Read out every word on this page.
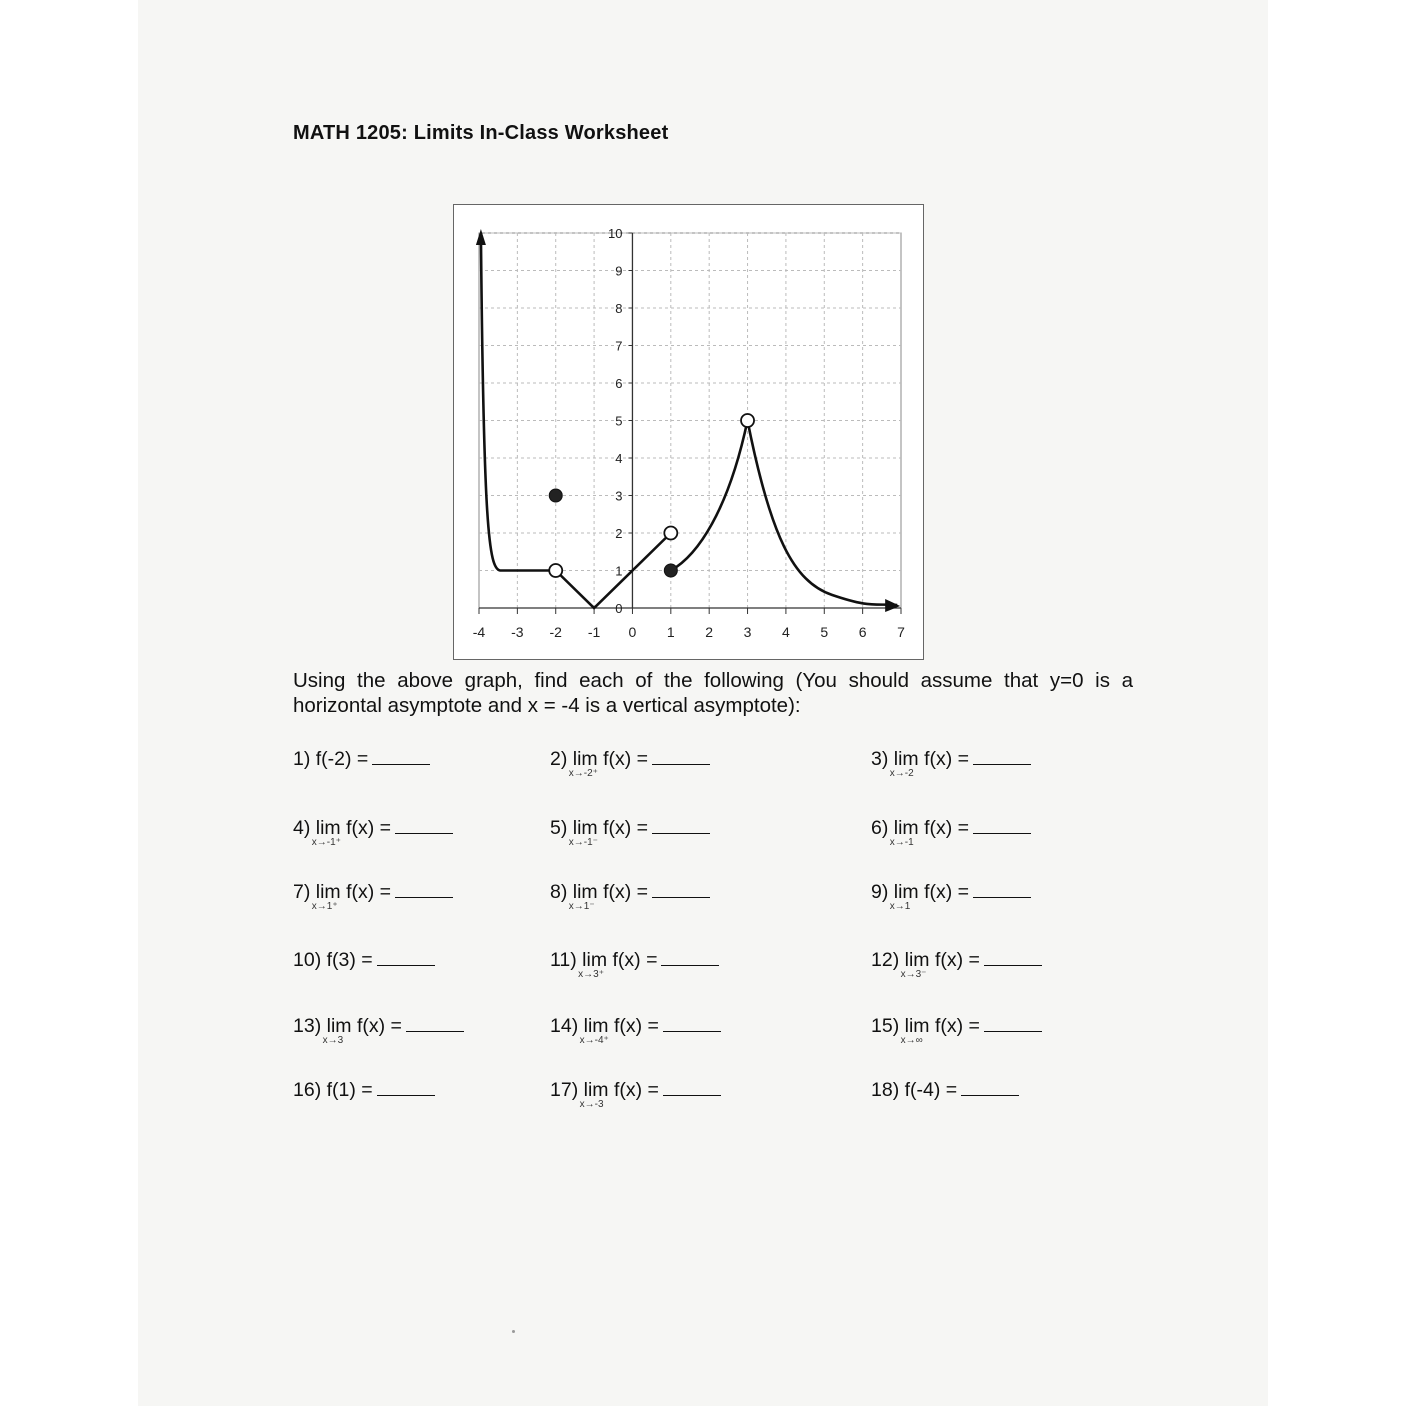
MATH 1205: Limits In-Class Worksheet
-4 -3 -2 -1 0 1 2 3 4 5 6 7
0
1
2
3
4
5
6
7
8
9
10
Using the above graph, find each of the following (You should assume that y=0 is a horizontal asymptote and x = -4 is a vertical asymptote):
1) f(-2) =	2) lim
x→-2⁺
f(x) =	3) lim
x→-2
f(x) =
4) lim
x→-1⁺
f(x) =	5) lim
x→-1⁻
f(x) =	6) lim
x→-1
f(x) =
7) lim
x→1⁺
f(x) =	8) lim
x→1⁻
f(x) =	9) lim
x→1
f(x) =
10) f(3) =	11) lim
x→3⁺
f(x) =	12) lim
x→3⁻
f(x) =
13) lim
x→3
f(x) =	14) lim
x→-4⁺
f(x) =	15) lim
x→∞
f(x) =
16) f(1) =	17) lim
x→-3
f(x) =	18) f(-4) =
